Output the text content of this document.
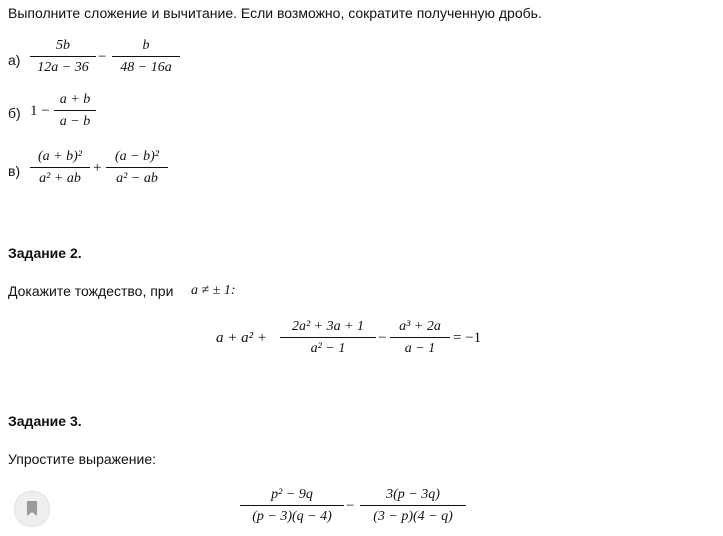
Выполните сложение и вычитание. Если возможно, сократите полученную дробь.
$а) \frac{5b}{12a - 36} - \frac{b}{48 - 16a}$
б) $1 - \frac{a + b}{a - b}$
$в) \frac{\text{(a + b)²}}{\text{a² + ab}} + \frac{\text{(a − b)²}}{\text{a² − ab}}$
Задание 2.
Докажите тождество, при a ≠ ± 1:
$a + a^2 + \frac{\text{2a² + 3a + 1}}{\text{a² − 1}} - \frac{\text{a³ + 2a}}{a - 1} = -1$
Задание 3.
Упростите выражение:
$\frac{\text{p² − 9q}}{(p - 3)(q - 4)} - \frac{3(p - 3q)}{(3 - p)(4 - q)}$
